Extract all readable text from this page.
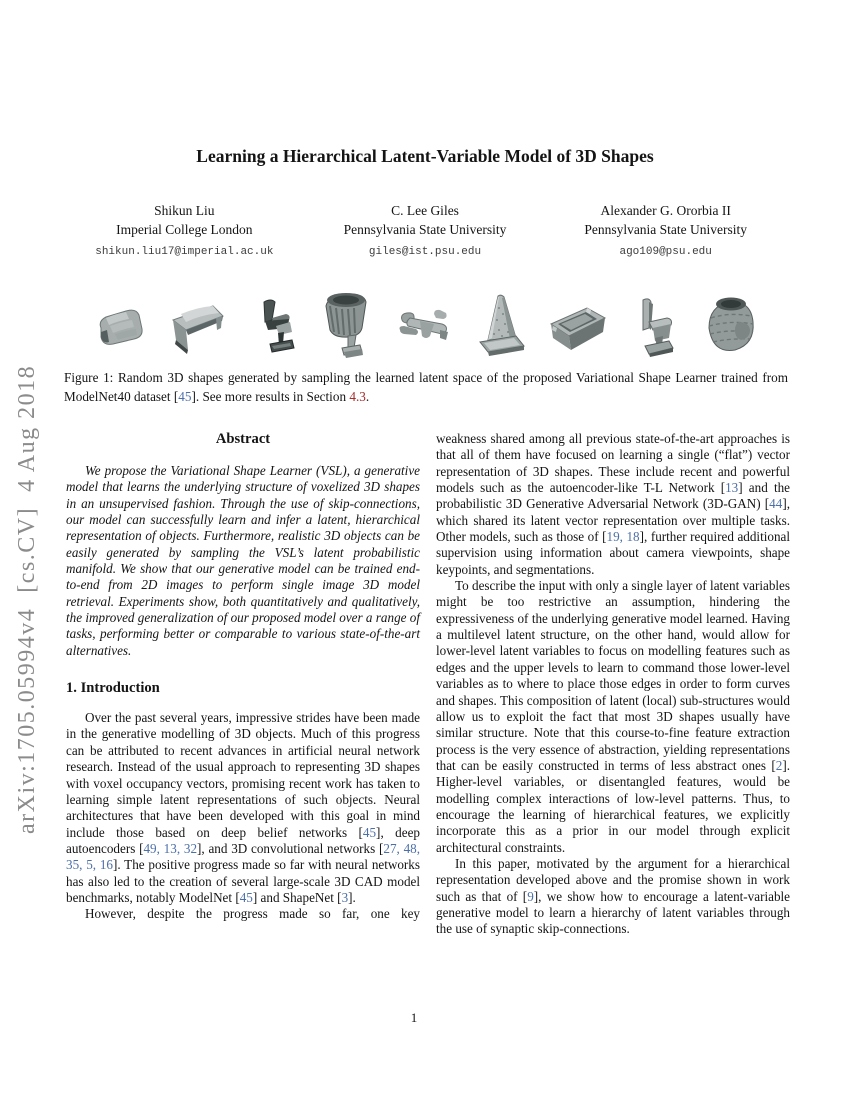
arXiv:1705.05994v4  [cs.CV]  4 Aug 2018
Learning a Hierarchical Latent-Variable Model of 3D Shapes
Shikun Liu
Imperial College London
shikun.liu17@imperial.ac.uk
C. Lee Giles
Pennsylvania State University
giles@ist.psu.edu
Alexander G. Ororbia II
Pennsylvania State University
ago109@psu.edu
Figure 1: Random 3D shapes generated by sampling the learned latent space of the proposed Variational Shape Learner trained from ModelNet40 dataset [45]. See more results in Section 4.3.
Abstract

We propose the Variational Shape Learner (VSL), a generative model that learns the underlying structure of voxelized 3D shapes in an unsupervised fashion. Through the use of skip-connections, our model can successfully learn and infer a latent, hierarchical representation of objects. Furthermore, realistic 3D objects can be easily generated by sampling the VSL’s latent probabilistic manifold. We show that our generative model can be trained end-to-end from 2D images to perform single image 3D model retrieval. Experiments show, both quantitatively and qualitatively, the improved generalization of our proposed model over a range of tasks, performing better or comparable to various state-of-the-art alternatives.

1. Introduction

Over the past several years, impressive strides have been made in the generative modelling of 3D objects. Much of this progress can be attributed to recent advances in artificial neural network research. Instead of the usual approach to representing 3D shapes with voxel occupancy vectors, promising recent work has taken to learning simple latent representations of such objects. Neural architectures that have been developed with this goal in mind include those based on deep belief networks [45], deep autoencoders [49, 13, 32], and 3D convolutional networks [27, 48, 35, 5, 16]. The positive progress made so far with neural networks has also led to the creation of several large-scale 3D CAD model benchmarks, notably ModelNet [45] and ShapeNet [3].

However, despite the progress made so far, one key

weakness shared among all previous state-of-the-art approaches is that all of them have focused on learning a single (“flat”) vector representation of 3D shapes. These include recent and powerful models such as the autoencoder-like T-L Network [13] and the probabilistic 3D Generative Adversarial Network (3D-GAN) [44], which shared its latent vector representation over multiple tasks. Other models, such as those of [19, 18], further required additional supervision using information about camera viewpoints, shape keypoints, and segmentations.

To describe the input with only a single layer of latent variables might be too restrictive an assumption, hindering the expressiveness of the underlying generative model learned. Having a multilevel latent structure, on the other hand, would allow for lower-level latent variables to focus on modelling features such as edges and the upper levels to learn to command those lower-level variables as to where to place those edges in order to form curves and shapes. This composition of latent (local) sub-structures would allow us to exploit the fact that most 3D shapes usually have similar structure. Note that this course-to-fine feature extraction process is the very essence of abstraction, yielding representations that can be easily constructed in terms of less abstract ones [2]. Higher-level variables, or disentangled features, would be modelling complex interactions of low-level patterns. Thus, to encourage the learning of hierarchical features, we explicitly incorporate this as a prior in our model through explicit architectural constraints.

In this paper, motivated by the argument for a hierarchical representation developed above and the promise shown in work such as that of [9], we show how to encourage a latent-variable generative model to learn a hierarchy of latent variables through the use of synaptic skip-connections.

1
